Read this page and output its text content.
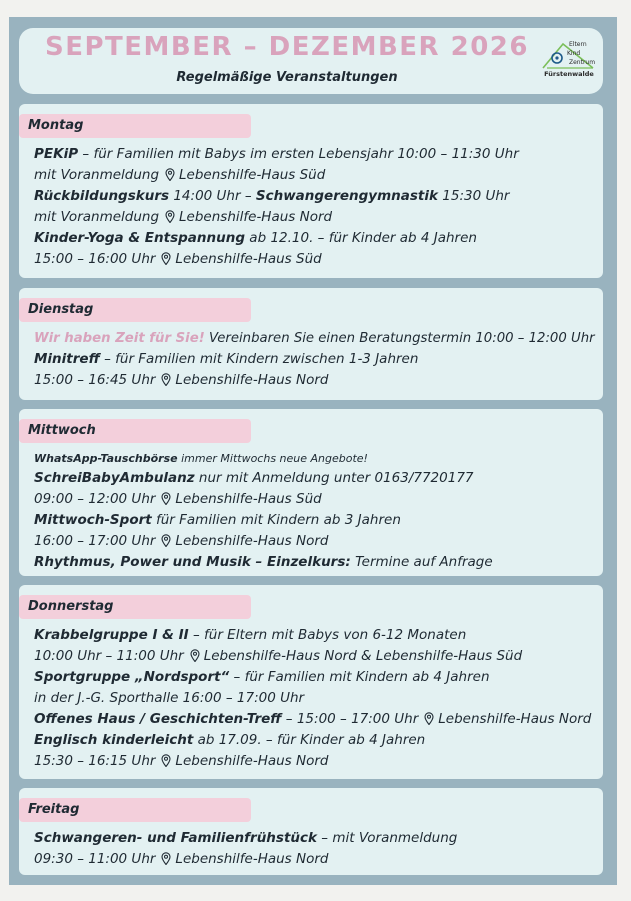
SEPTEMBER – DEZEMBER 2026
Regelmäßige Veranstaltungen
Eltern
Kind
Zentrum
Fürstenwalde
Montag
PEKiP – für Familien mit Babys im ersten Lebensjahr 10:00 – 11:30 Uhr
mit Voranmeldung Lebenshilfe-Haus Süd
Rückbildungskurs 14:00 Uhr – Schwangerengymnastik 15:30 Uhr
mit Voranmeldung Lebenshilfe-Haus Nord
Kinder-Yoga & Entspannung ab 12.10. – für Kinder ab 4 Jahren
15:00 – 16:00 Uhr Lebenshilfe-Haus Süd
Dienstag
Wir haben Zeit für Sie! Vereinbaren Sie einen Beratungstermin 10:00 – 12:00 Uhr
Minitreff – für Familien mit Kindern zwischen 1-3 Jahren
15:00 – 16:45 Uhr Lebenshilfe-Haus Nord
Mittwoch
WhatsApp-Tauschbörse immer Mittwochs neue Angebote!
SchreiBabyAmbulanz nur mit Anmeldung unter 0163/7720177
09:00 – 12:00 Uhr Lebenshilfe-Haus Süd
Mittwoch-Sport für Familien mit Kindern ab 3 Jahren
16:00 – 17:00 Uhr Lebenshilfe-Haus Nord
Rhythmus, Power und Musik – Einzelkurs: Termine auf Anfrage
Donnerstag
Krabbelgruppe I & II – für Eltern mit Babys von 6-12 Monaten
10:00 Uhr – 11:00 Uhr Lebenshilfe-Haus Nord & Lebenshilfe-Haus Süd
Sportgruppe „Nordsport“ – für Familien mit Kindern ab 4 Jahren
in der J.-G. Sporthalle 16:00 – 17:00 Uhr
Offenes Haus / Geschichten-Treff – 15:00 – 17:00 Uhr Lebenshilfe-Haus Nord
Englisch kinderleicht ab 17.09. – für Kinder ab 4 Jahren
15:30 – 16:15 Uhr Lebenshilfe-Haus Nord
Freitag
Schwangeren- und Familienfrühstück – mit Voranmeldung
09:30 – 11:00 Uhr Lebenshilfe-Haus Nord
